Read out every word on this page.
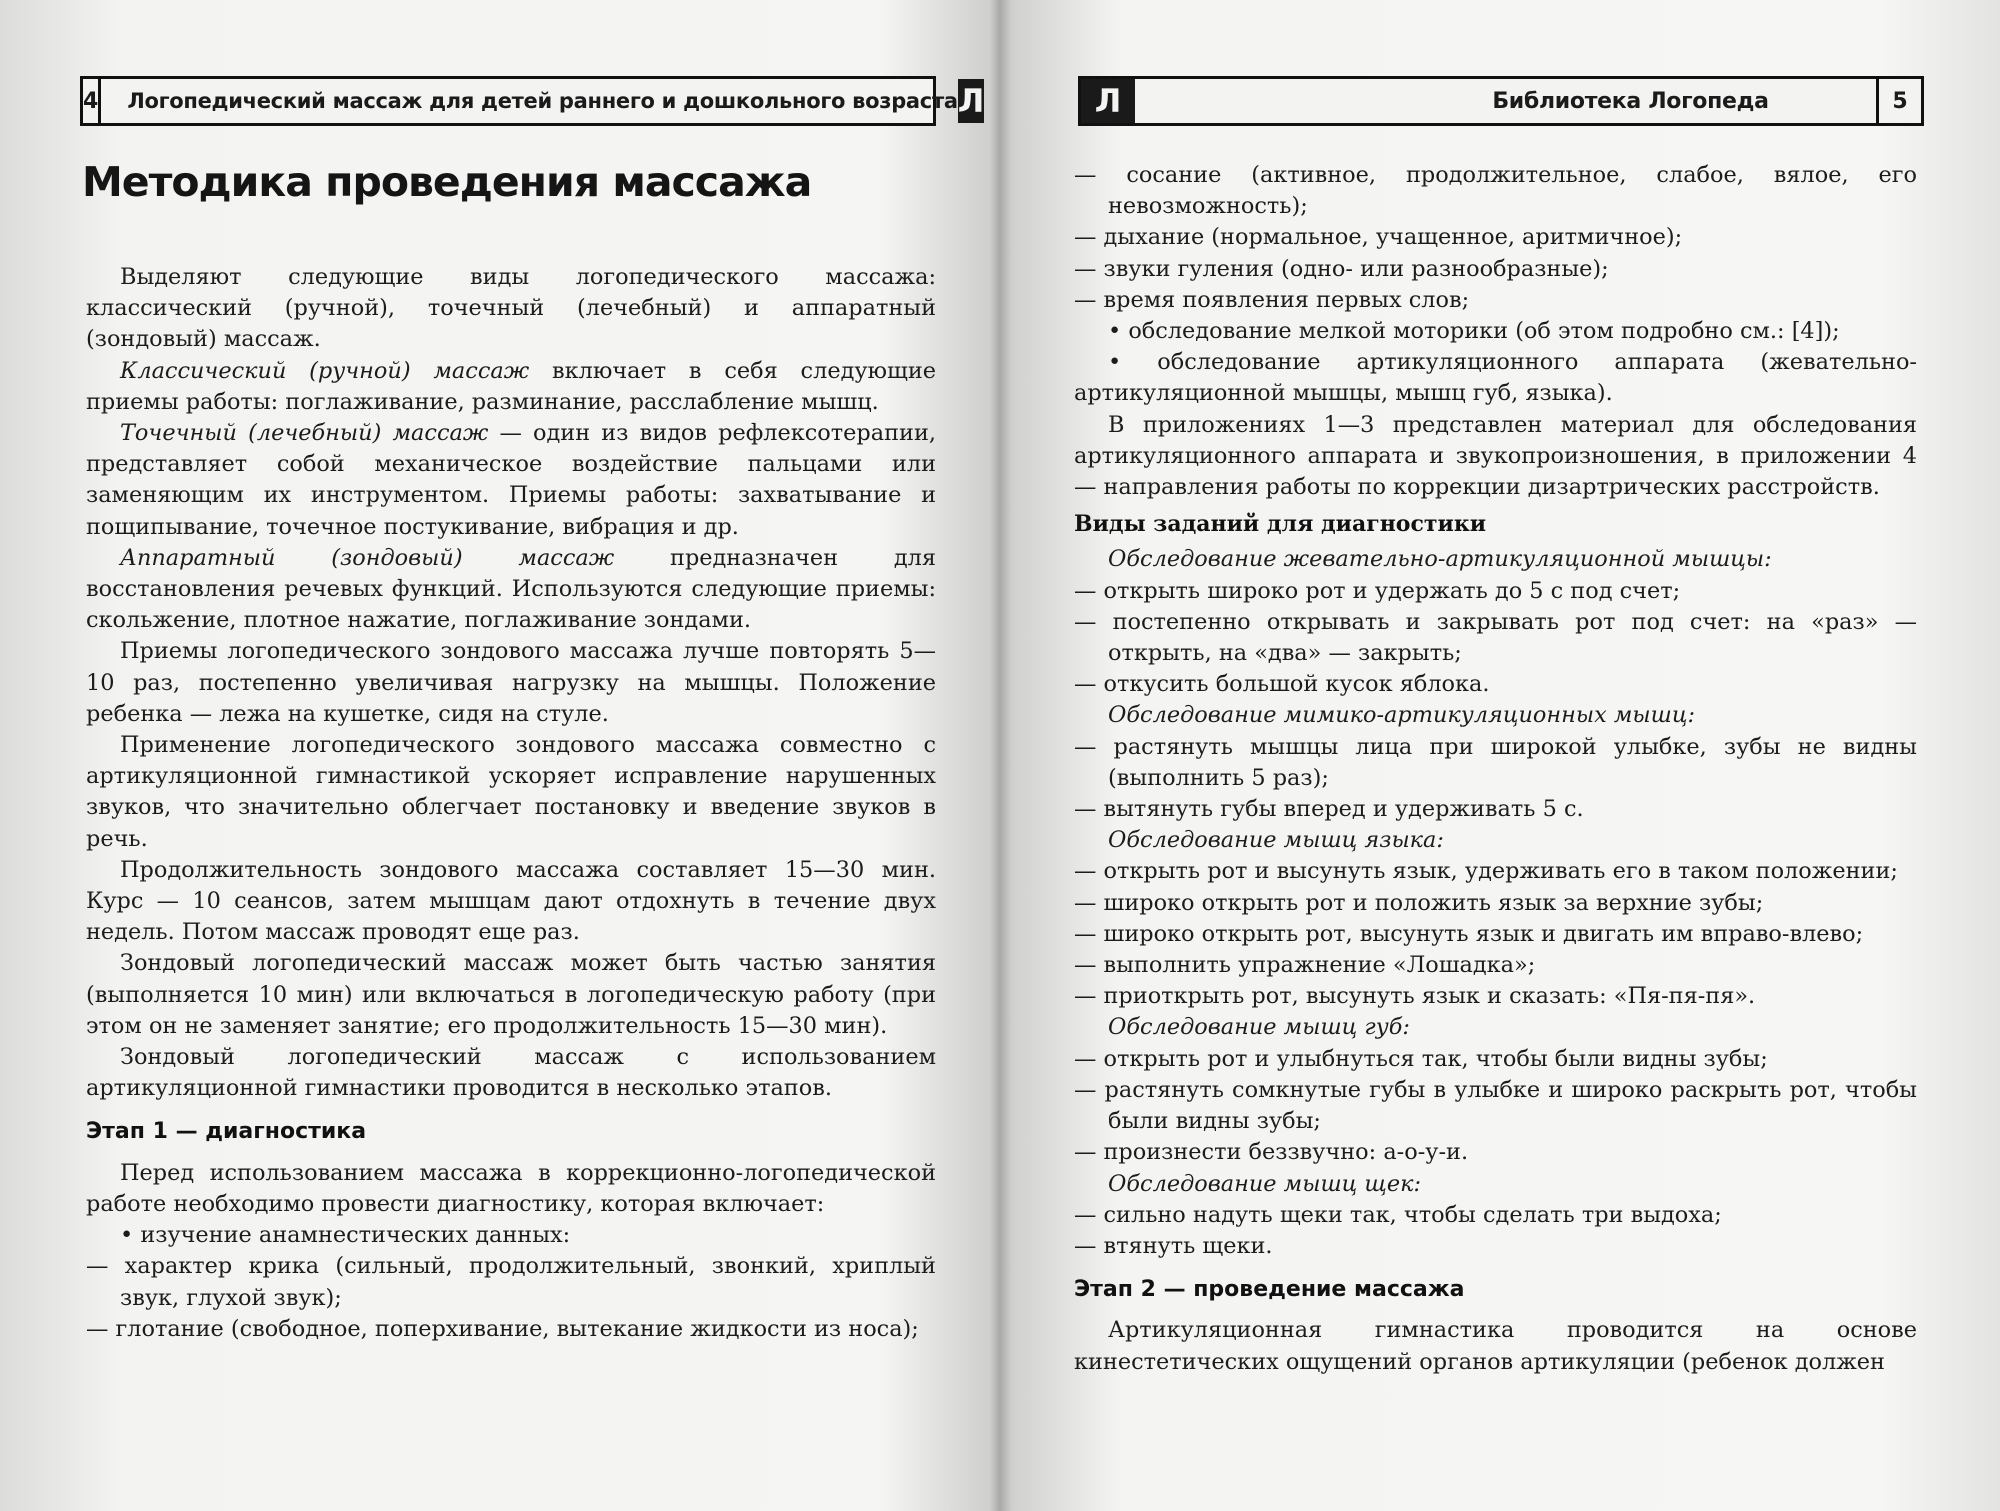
4	Логопедический массаж для детей раннего и дошкольного возраста Л
Методика проведения массажа

Выделяют следующие виды логопедического массажа: классический (ручной), точечный (лечебный) и аппаратный (зондовый) массаж.

Классический (ручной) массаж включает в себя следующие приемы работы: поглаживание, разминание, расслабление мышц.

Точечный (лечебный) массаж — один из видов рефлексотерапии, представляет собой механическое воздействие пальцами или заменяющим их инструментом. Приемы работы: захватывание и пощипывание, точечное постукивание, вибрация и др.

Аппаратный (зондовый) массаж предназначен для восстановления речевых функций. Используются следующие приемы: скольжение, плотное нажатие, поглаживание зондами.

Приемы логопедического зондового массажа лучше повторять 5—10 раз, постепенно увеличивая нагрузку на мышцы. Положение ребенка — лежа на кушетке, сидя на стуле.

Применение логопедического зондового массажа совместно с артикуляционной гимнастикой ускоряет исправление нарушенных звуков, что значительно облегчает постановку и введение звуков в речь.

Продолжительность зондового массажа составляет 15—30 мин. Курс — 10 сеансов, затем мышцам дают отдохнуть в течение двух недель. Потом массаж проводят еще раз.

Зондовый логопедический массаж может быть частью занятия (выполняется 10 мин) или включаться в логопедическую работу (при этом он не заменяет занятие; его продолжительность 15—30 мин).

Зондовый логопедический массаж с использованием артикуляционной гимнастики проводится в несколько этапов.

Этап 1 — диагностика

Перед использованием массажа в коррекционно-логопедической работе необходимо провести диагностику, которая включает:

• изучение анамнестических данных:

— характер крика (сильный, продолжительный, звонкий, хриплый звук, глухой звук);

— глотание (свободное, поперхивание, вытекание жидкости из носа);

Л	Библиотека Логопеда	5

— сосание (активное, продолжительное, слабое, вялое, его невозможность);

— дыхание (нормальное, учащенное, аритмичное);

— звуки гуления (одно- или разнообразные);

— время появления первых слов;

• обследование мелкой моторики (об этом подробно см.: [4]);

• обследование артикуляционного аппарата (жевательно-артикуляционной мышцы, мышц губ, языка).

В приложениях 1—3 представлен материал для обследования артикуляционного аппарата и звукопроизношения, в приложении 4 — направления работы по коррекции дизартрических расстройств.

Виды заданий для диагностики

Обследование жевательно-артикуляционной мышцы:

— открыть широко рот и удержать до 5 с под счет;

— постепенно открывать и закрывать рот под счет: на «раз» — открыть, на «два» — закрыть;

— откусить большой кусок яблока.

Обследование мимико-артикуляционных мышц:

— растянуть мышцы лица при широкой улыбке, зубы не видны (выполнить 5 раз);

— вытянуть губы вперед и удерживать 5 с.

Обследование мышц языка:

— открыть рот и высунуть язык, удерживать его в таком положении;

— широко открыть рот и положить язык за верхние зубы;

— широко открыть рот, высунуть язык и двигать им вправо-влево;

— выполнить упражнение «Лошадка»;

— приоткрыть рот, высунуть язык и сказать: «Пя-пя-пя».

Обследование мышц губ:

— открыть рот и улыбнуться так, чтобы были видны зубы;

— растянуть сомкнутые губы в улыбке и широко раскрыть рот, чтобы были видны зубы;

— произнести беззвучно: а-о-у-и.

Обследование мышц щек:

— сильно надуть щеки так, чтобы сделать три выдоха;

— втянуть щеки.

Этап 2 — проведение массажа

Артикуляционная гимнастика проводится на основе кинестетических ощущений органов артикуляции (ребенок должен
